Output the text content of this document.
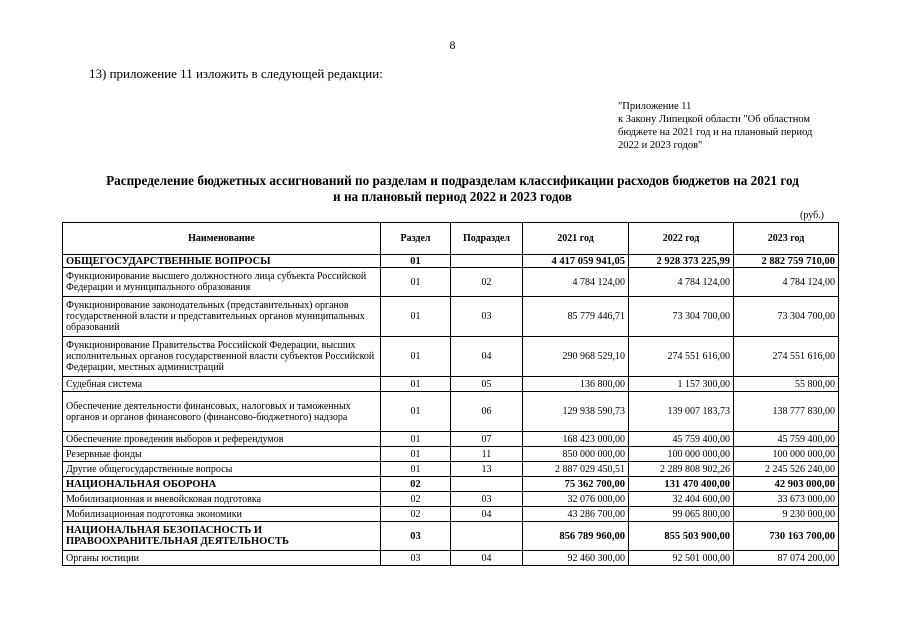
8
13) приложение 11 изложить в следующей редакции:
"Приложение 11
к Закону Липецкой области "Об областном
бюджете на 2021 год и на плановый период
2022 и 2023 годов"
Распределение бюджетных ассигнований по разделам и подразделам классификации расходов бюджетов на 2021 год
и на плановый период 2022 и 2023 годов
(руб.)
Наименование	Раздел	Подраздел	2021 год	2022 год	2023 год
ОБЩЕГОСУДАРСТВЕННЫЕ ВОПРОСЫ	01		4 417 059 941,05	2 928 373 225,99	2 882 759 710,00
Функционирование высшего должностного лица субъекта Российской Федерации и муниципального образования	01	02	4 784 124,00	4 784 124,00	4 784 124,00
Функционирование законодательных (представительных) органов государственной власти и представительных органов муниципальных образований	01	03	85 779 446,71	73 304 700,00	73 304 700,00
Функционирование Правительства Российской Федерации, высших исполнительных органов государственной власти субъектов Российской Федерации, местных администраций	01	04	290 968 529,10	274 551 616,00	274 551 616,00
Судебная система	01	05	136 800,00	1 157 300,00	55 800,00
Обеспечение деятельности финансовых, налоговых и таможенных органов и органов финансового (финансово-бюджетного) надзора	01	06	129 938 590,73	139 007 183,73	138 777 830,00
Обеспечение проведения выборов и референдумов	01	07	168 423 000,00	45 759 400,00	45 759 400,00
Резервные фонды	01	11	850 000 000,00	100 000 000,00	100 000 000,00
Другие общегосударственные вопросы	01	13	2 887 029 450,51	2 289 808 902,26	2 245 526 240,00
НАЦИОНАЛЬНАЯ ОБОРОНА	02		75 362 700,00	131 470 400,00	42 903 000,00
Мобилизационная и вневойсковая подготовка	02	03	32 076 000,00	32 404 600,00	33 673 000,00
Мобилизационная подготовка экономики	02	04	43 286 700,00	99 065 800,00	9 230 000,00
НАЦИОНАЛЬНАЯ БЕЗОПАСНОСТЬ И ПРАВООХРАНИТЕЛЬНАЯ ДЕЯТЕЛЬНОСТЬ	03		856 789 960,00	855 503 900,00	730 163 700,00
Органы юстиции	03	04	92 460 300,00	92 501 000,00	87 074 200,00
